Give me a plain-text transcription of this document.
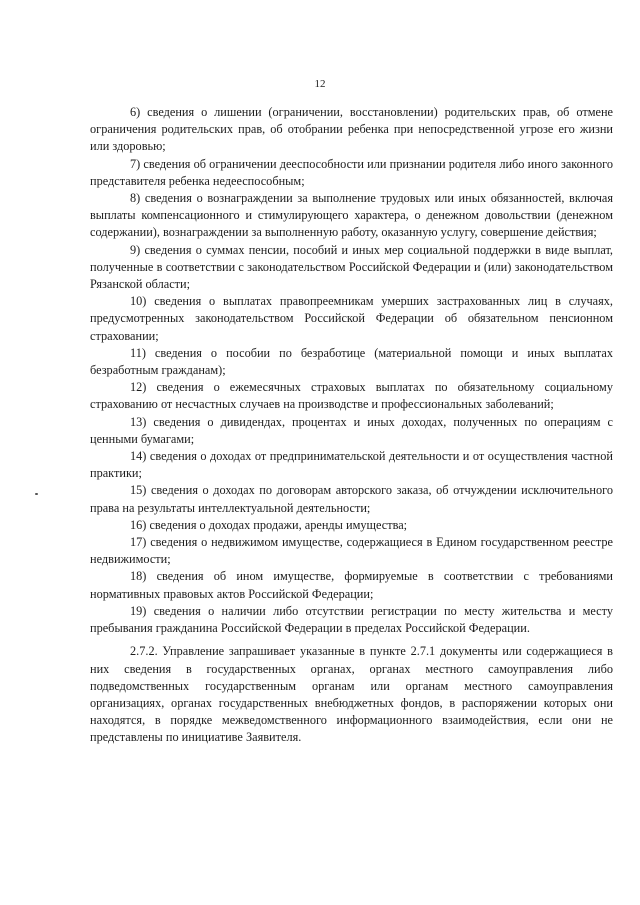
12

6) сведения о лишении (ограничении, восстановлении) родительских прав, об отмене ограничения родительских прав, об отобрании ребенка при непосредственной угрозе его жизни или здоровью;

7) сведения об ограничении дееспособности или признании родителя либо иного законного представителя ребенка недееспособным;

8) сведения о вознаграждении за выполнение трудовых или иных обязанностей, включая выплаты компенсационного и стимулирующего характера, о денежном довольствии (денежном содержании), вознаграждении за выполненную работу, оказанную услугу, совершение действия;

9) сведения о суммах пенсии, пособий и иных мер социальной поддержки в виде выплат, полученные в соответствии с законодательством Российской Федерации и (или) законодательством Рязанской области;

10) сведения о выплатах правопреемникам умерших застрахованных лиц в случаях, предусмотренных законодательством Российской Федерации об обязательном пенсионном страховании;

11) сведения о пособии по безработице (материальной помощи и иных выплатах безработным гражданам);

12) сведения о ежемесячных страховых выплатах по обязательному социальному страхованию от несчастных случаев на производстве и профессиональных заболеваний;

13) сведения о дивидендах, процентах и иных доходах, полученных по операциям с ценными бумагами;

14) сведения о доходах от предпринимательской деятельности и от осуществления частной практики;

15) сведения о доходах по договорам авторского заказа, об отчуждении исключительного права на результаты интеллектуальной деятельности;

16) сведения о доходах продажи, аренды имущества;

17) сведения о недвижимом имуществе, содержащиеся в Едином государственном реестре недвижимости;

18) сведения об ином имуществе, формируемые в соответствии с требованиями нормативных правовых актов Российской Федерации;

19) сведения о наличии либо отсутствии регистрации по месту жительства и месту пребывания гражданина Российской Федерации в пределах Российской Федерации.

2.7.2. Управление запрашивает указанные в пункте 2.7.1 документы или содержащиеся в них сведения в государственных органах, органах местного самоуправления либо подведомственных государственным органам или органам местного самоуправления организациях, органах государственных внебюджетных фондов, в распоряжении которых они находятся, в порядке межведомственного информационного взаимодействия, если они не представлены по инициативе Заявителя.
